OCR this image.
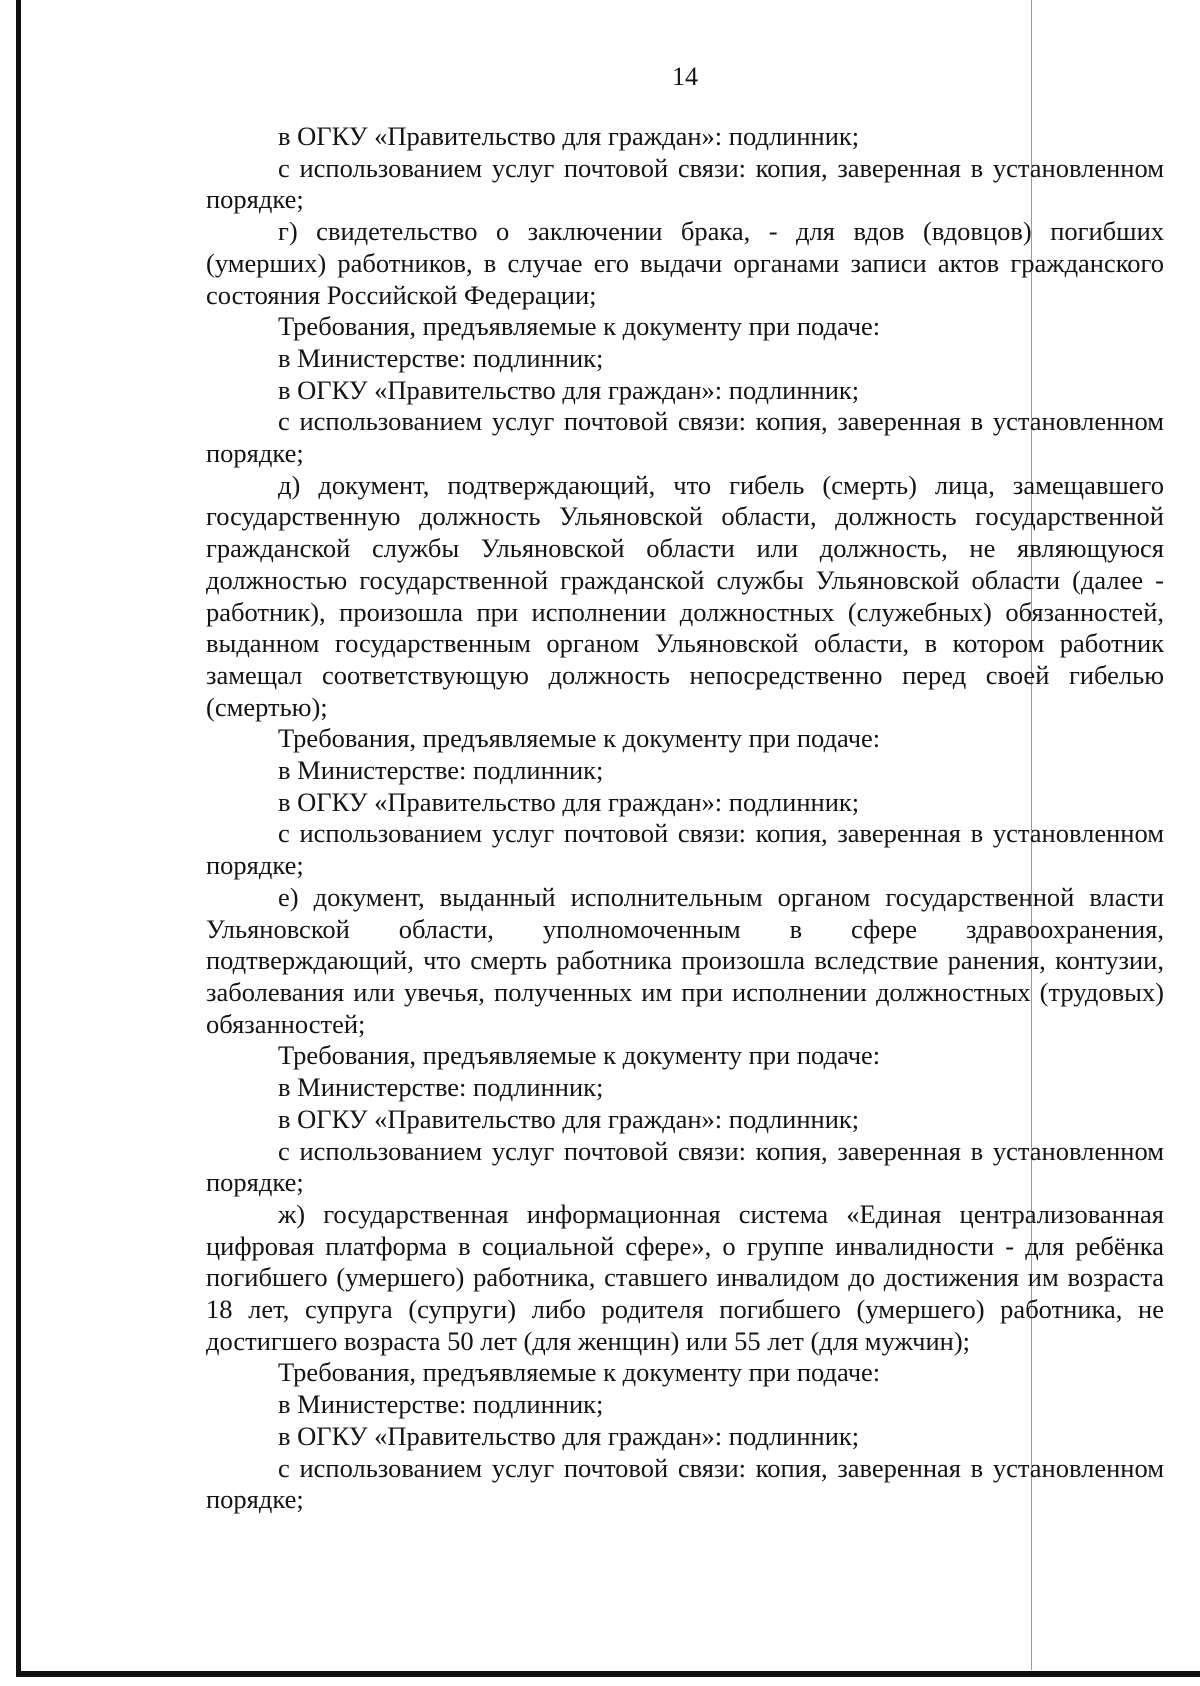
14

в ОГКУ «Правительство для граждан»: подлинник;

с использованием услуг почтовой связи: копия, заверенная в установленном порядке;

г) свидетельство о заключении брака, - для вдов (вдовцов) погибших (умерших) работников, в случае его выдачи органами записи актов гражданского состояния Российской Федерации;

Требования, предъявляемые к документу при подаче:

в Министерстве: подлинник;

в ОГКУ «Правительство для граждан»: подлинник;

с использованием услуг почтовой связи: копия, заверенная в установленном порядке;

д) документ, подтверждающий, что гибель (смерть) лица, замещавшего государственную должность Ульяновской области, должность государственной гражданской службы Ульяновской области или должность, не являющуюся должностью государственной гражданской службы Ульяновской области (далее - работник), произошла при исполнении должностных (служебных) обязанностей, выданном государственным органом Ульяновской области, в котором работник замещал соответствующую должность непосредственно перед своей гибелью (смертью);

Требования, предъявляемые к документу при подаче:

в Министерстве: подлинник;

в ОГКУ «Правительство для граждан»: подлинник;

с использованием услуг почтовой связи: копия, заверенная в установленном порядке;

е) документ, выданный исполнительным органом государственной власти Ульяновской области, уполномоченным в сфере здравоохранения, подтверждающий, что смерть работника произошла вследствие ранения, контузии, заболевания или увечья, полученных им при исполнении должностных (трудовых) обязанностей;

Требования, предъявляемые к документу при подаче:

в Министерстве: подлинник;

в ОГКУ «Правительство для граждан»: подлинник;

с использованием услуг почтовой связи: копия, заверенная в установленном порядке;

ж) государственная информационная система «Единая централизованная цифровая платформа в социальной сфере», о группе инвалидности - для ребёнка погибшего (умершего) работника, ставшего инвалидом до достижения им возраста 18 лет, супруга (супруги) либо родителя погибшего (умершего) работника, не достигшего возраста 50 лет (для женщин) или 55 лет (для мужчин);

Требования, предъявляемые к документу при подаче:

в Министерстве: подлинник;

в ОГКУ «Правительство для граждан»: подлинник;

с использованием услуг почтовой связи: копия, заверенная в установленном порядке;
